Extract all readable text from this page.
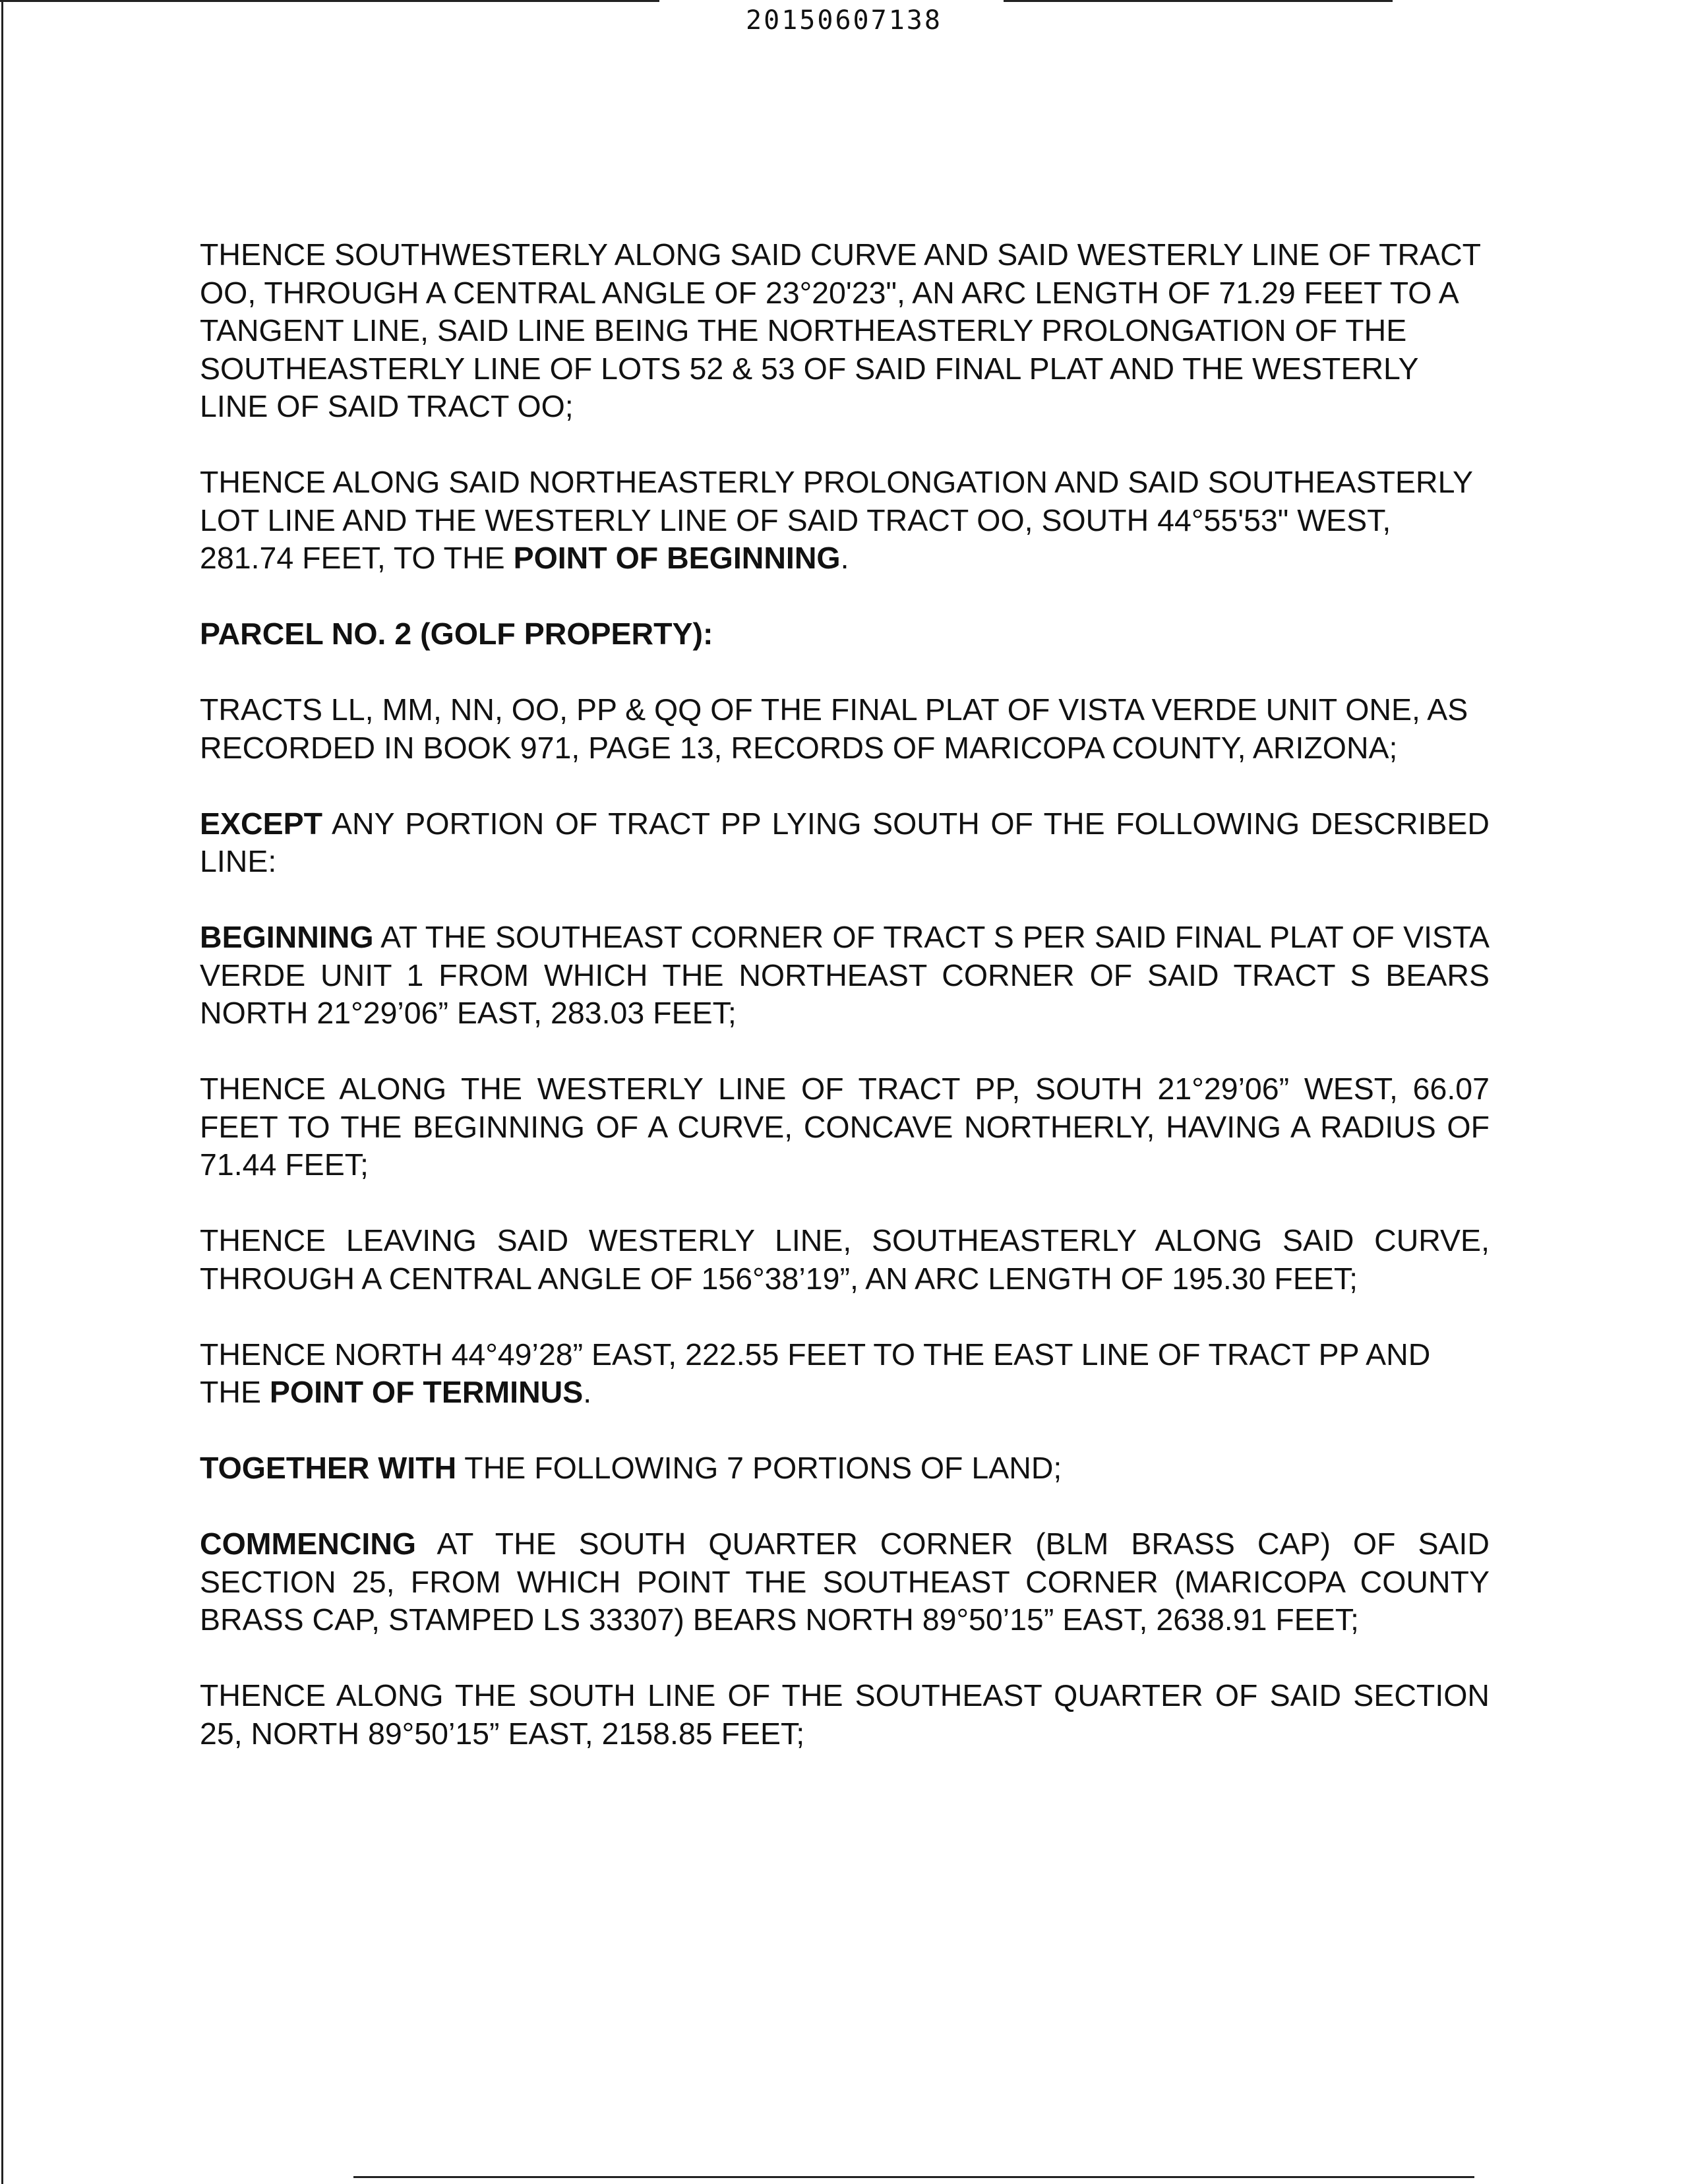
20150607138

THENCE SOUTHWESTERLY ALONG SAID CURVE AND SAID WESTERLY LINE OF TRACT OO, THROUGH A CENTRAL ANGLE OF 23°20'23", AN ARC LENGTH OF 71.29 FEET TO A TANGENT LINE, SAID LINE BEING THE NORTHEASTERLY PROLONGATION OF THE SOUTHEASTERLY LINE OF LOTS 52 & 53 OF SAID FINAL PLAT AND THE WESTERLY LINE OF SAID TRACT OO;

THENCE ALONG SAID NORTHEASTERLY PROLONGATION AND SAID SOUTHEASTERLY LOT LINE AND THE WESTERLY LINE OF SAID TRACT OO, SOUTH 44°55'53" WEST, 281.74 FEET, TO THE POINT OF BEGINNING.

PARCEL NO. 2 (GOLF PROPERTY):

TRACTS LL, MM, NN, OO, PP & QQ OF THE FINAL PLAT OF VISTA VERDE UNIT ONE, AS RECORDED IN BOOK 971, PAGE 13, RECORDS OF MARICOPA COUNTY, ARIZONA;

EXCEPT ANY PORTION OF TRACT PP LYING SOUTH OF THE FOLLOWING DESCRIBED LINE:

BEGINNING AT THE SOUTHEAST CORNER OF TRACT S PER SAID FINAL PLAT OF VISTA VERDE UNIT 1 FROM WHICH THE NORTHEAST CORNER OF SAID TRACT S BEARS NORTH 21°29’06” EAST, 283.03 FEET;

THENCE ALONG THE WESTERLY LINE OF TRACT PP, SOUTH 21°29’06” WEST, 66.07 FEET TO THE BEGINNING OF A CURVE, CONCAVE NORTHERLY, HAVING A RADIUS OF 71.44 FEET;

THENCE LEAVING SAID WESTERLY LINE, SOUTHEASTERLY ALONG SAID CURVE, THROUGH A CENTRAL ANGLE OF 156°38’19”, AN ARC LENGTH OF 195.30 FEET;

THENCE NORTH 44°49’28” EAST, 222.55 FEET TO THE EAST LINE OF TRACT PP AND THE POINT OF TERMINUS.

TOGETHER WITH THE FOLLOWING 7 PORTIONS OF LAND;

COMMENCING AT THE SOUTH QUARTER CORNER (BLM BRASS CAP) OF SAID SECTION 25, FROM WHICH POINT THE SOUTHEAST CORNER (MARICOPA COUNTY BRASS CAP, STAMPED LS 33307) BEARS NORTH 89°50’15” EAST, 2638.91 FEET;

THENCE ALONG THE SOUTH LINE OF THE SOUTHEAST QUARTER OF SAID SECTION 25, NORTH 89°50’15” EAST, 2158.85 FEET;
